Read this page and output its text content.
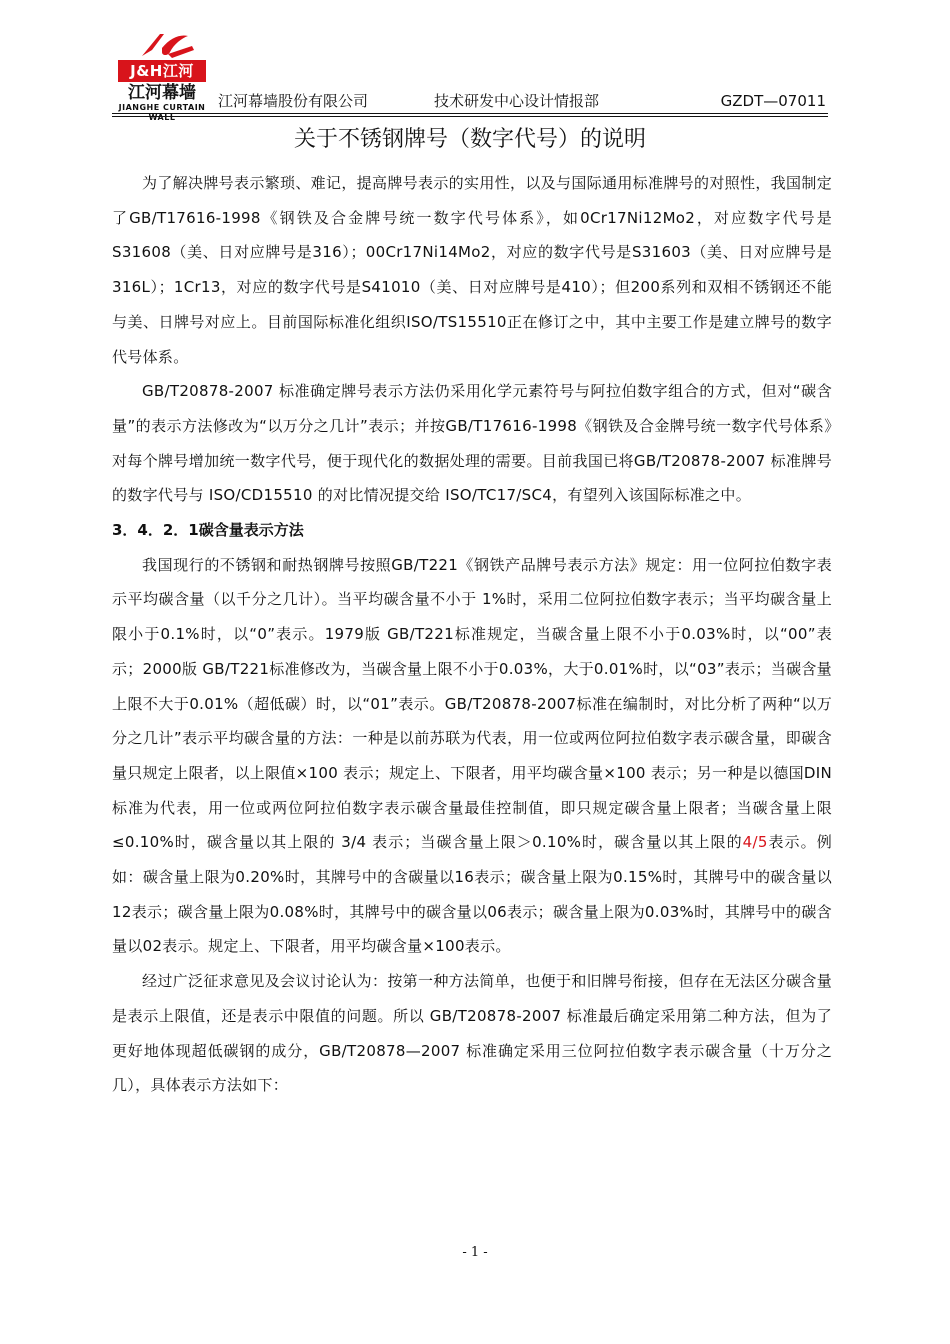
J&H江河
江河幕墙
JIANGHE CURTAIN WALL
江河幕墙股份有限公司	技术研发中心设计情报部	GZDT—07011
关于不锈钢牌号（数字代号）的说明

为了解决牌号表示繁琐、难记，提高牌号表示的实用性，以及与国际通用标准牌号的对照性，我国制定了GB/T17616-1998《钢铁及合金牌号统一数字代号体系》，如0Cr17Ni12Mo2，对应数字代号是S31608（美、日对应牌号是316）；00Cr17Ni14Mo2，对应的数字代号是S31603（美、日对应牌号是316L）；1Cr13，对应的数字代号是S41010（美、日对应牌号是410）；但200系列和双相不锈钢还不能与美、日牌号对应上。目前国际标准化组织ISO/TS15510正在修订之中，其中主要工作是建立牌号的数字代号体系。

GB/T20878-2007 标准确定牌号表示方法仍采用化学元素符号与阿拉伯数字组合的方式，但对“碳含量”的表示方法修改为“以万分之几计”表示；并按GB/T17616-1998《钢铁及合金牌号统一数字代号体系》对每个牌号增加统一数字代号，便于现代化的数据处理的需要。目前我国已将GB/T20878-2007 标准牌号的数字代号与 ISO/CD15510 的对比情况提交给 ISO/TC17/SC4，有望列入该国际标准之中。

3．4．2．1碳含量表示方法

我国现行的不锈钢和耐热钢牌号按照GB/T221《钢铁产品牌号表示方法》规定：用一位阿拉伯数字表示平均碳含量（以千分之几计）。当平均碳含量不小于 1%时，采用二位阿拉伯数字表示；当平均碳含量上限小于0.1%时，以“0”表示。1979版 GB/T221标准规定，当碳含量上限不小于0.03%时，以“00”表示；2000版 GB/T221标准修改为，当碳含量上限不小于0.03%，大于0.01%时，以“03”表示；当碳含量上限不大于0.01%（超低碳）时，以“01”表示。GB/T20878-2007标准在编制时，对比分析了两种“以万分之几计”表示平均碳含量的方法：一种是以前苏联为代表，用一位或两位阿拉伯数字表示碳含量，即碳含量只规定上限者，以上限值×100 表示；规定上、下限者，用平均碳含量×100 表示；另一种是以德国DIN标准为代表，用一位或两位阿拉伯数字表示碳含量最佳控制值，即只规定碳含量上限者；当碳含量上限≤0.10%时，碳含量以其上限的 3/4 表示；当碳含量上限＞0.10%时，碳含量以其上限的4/5表示。例如：碳含量上限为0.20%时，其牌号中的含碳量以16表示；碳含量上限为0.15%时，其牌号中的碳含量以12表示；碳含量上限为0.08%时，其牌号中的碳含量以06表示；碳含量上限为0.03%时，其牌号中的碳含量以02表示。规定上、下限者，用平均碳含量×100表示。

经过广泛征求意见及会议讨论认为：按第一种方法简单，也便于和旧牌号衔接，但存在无法区分碳含量是表示上限值，还是表示中限值的问题。所以 GB/T20878-2007 标准最后确定采用第二种方法，但为了更好地体现超低碳钢的成分，GB/T20878—2007 标准确定采用三位阿拉伯数字表示碳含量（十万分之几），具体表示方法如下：

- 1 -
